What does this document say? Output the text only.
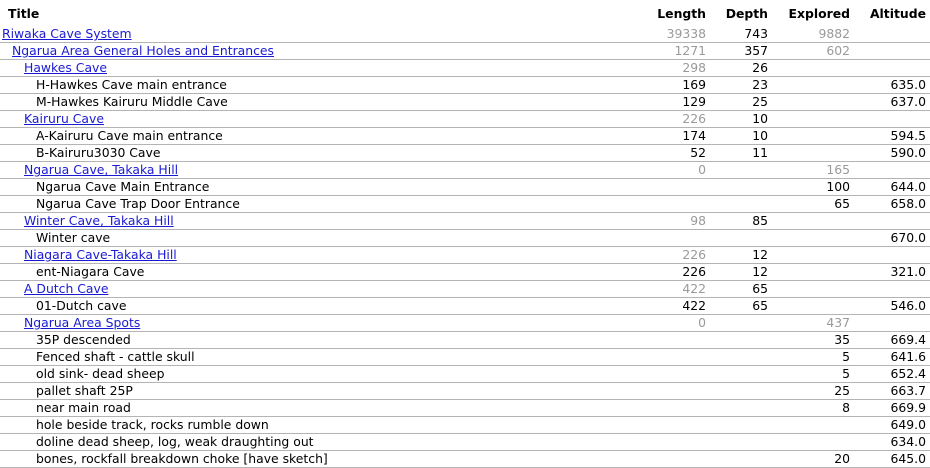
Title	Length	Depth	Explored	Altitude
Riwaka Cave System	39338	743	9882	
Ngarua Area General Holes and Entrances	1271	357	602	
Hawkes Cave	298	26		
H-Hawkes Cave main entrance	169	23		635.0
M-Hawkes Kairuru Middle Cave	129	25		637.0
Kairuru Cave	226	10		
A-Kairuru Cave main entrance	174	10		594.5
B-Kairuru3030 Cave	52	11		590.0
Ngarua Cave, Takaka Hill	0		165	
Ngarua Cave Main Entrance			100	644.0
Ngarua Cave Trap Door Entrance			65	658.0
Winter Cave, Takaka Hill	98	85		
Winter cave				670.0
Niagara Cave-Takaka Hill	226	12		
ent-Niagara Cave	226	12		321.0
A Dutch Cave	422	65		
01-Dutch cave	422	65		546.0
Ngarua Area Spots	0		437	
35P descended			35	669.4
Fenced shaft - cattle skull			5	641.6
old sink- dead sheep			5	652.4
pallet shaft 25P			25	663.7
near main road			8	669.9
hole beside track, rocks rumble down				649.0
doline dead sheep, log, weak draughting out				634.0
bones, rockfall breakdown choke [have sketch]			20	645.0
